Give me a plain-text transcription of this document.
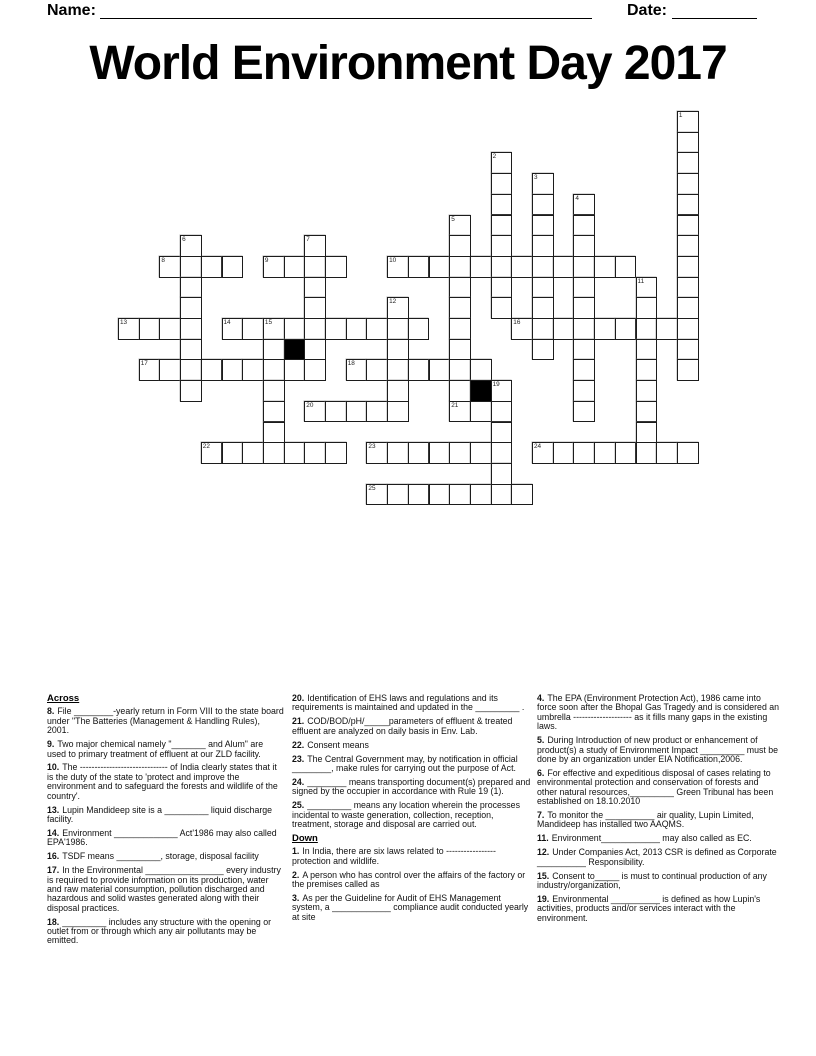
Name:	Date:
World Environment Day 2017
8	9	10
13	14	15	16
17	18
20	21
22	23	24
25
1
2
3
4
5
6	7
11
12
19
Across
8. File ________-yearly return in Form VIII to the state board under "The Batteries (Management & Handling Rules), 2001.
9. Two major chemical namely "_______ and Alum" are used to primary treatment of effluent at our ZLD facility.
10. The ------------------------------ of India clearly states that it is the duty of the state to 'protect and improve the environment and to safeguard the forests and wildlife of the country'.
13. Lupin Mandideep site is a _________ liquid discharge facility.
14. Environment _____________ Act'1986 may also called EPA'1986.
16. TSDF means _________, storage, disposal facility
17. In the Environmental ________________ every industry is required to provide information on its production, water and raw material consumption, pollution discharged and hazardous and solid wastes generated along with their disposal practices.
18. _________ includes any structure with the opening or outlet from or through which any air pollutants may be emitted.
20. Identification of EHS laws and regulations and its requirements is maintained and updated in the _________ .
21. COD/BOD/pH/_____parameters of effluent & treated effluent are analyzed on daily basis in Env. Lab.
22. Consent means
23. The Central Government may, by notification in official ________, make rules for carrying out the purpose of Act.
24. ________ means transporting document(s) prepared and signed by the occupier in accordance with Rule 19 (1).
25. _________ means any location wherein the processes incidental to waste generation, collection, reception, treatment, storage and disposal are carried out.
Down
1. In India, there are six laws related to ----------------- protection and wildlife.
2. A person who has control over the affairs of the factory or the premises called as
3. As per the Guideline for Audit of EHS Management system, a ____________ compliance audit conducted yearly at site
4. The EPA (Environment Protection Act), 1986 came into force soon after the Bhopal Gas Tragedy and is considered an umbrella -------------------- as it fills many gaps in the existing laws.
5. During Introduction of new product or enhancement of product(s) a study of Environment Impact _________ must be done by an organization under EIA Notification,2006.
6. For effective and expeditious disposal of cases relating to environmental protection and conservation of forests and other natural resources,_________ Green Tribunal has been established on 18.10.2010
7. To monitor the __________ air quality, Lupin Limited, Mandideep has installed two AAQMS.
11. Environment____________ may also called as EC.
12. Under Companies Act, 2013 CSR is defined as Corporate __________ Responsibility.
15. Consent to_____ is must to continual production of any industry/organization,
19. Environmental __________ is defined as how Lupin's activities, products and/or services interact with the environment.
